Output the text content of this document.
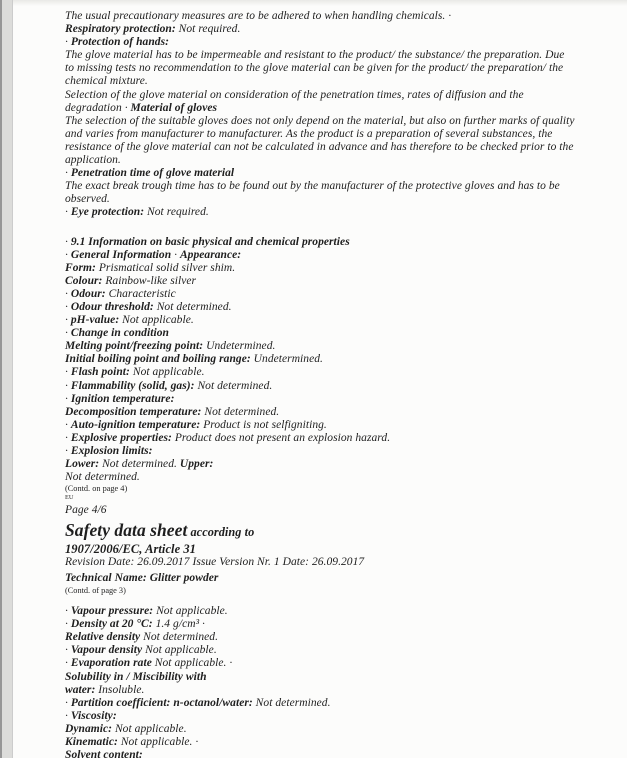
The usual precautionary measures are to be adhered to when handling chemicals. ·
Respiratory protection: Not required.
· Protection of hands:
The glove material has to be impermeable and resistant to the product/ the substance/ the preparation. Due
to missing tests no recommendation to the glove material can be given for the product/ the preparation/ the
chemical mixture.
Selection of the glove material on consideration of the penetration times, rates of diffusion and the
degradation · Material of gloves
The selection of the suitable gloves does not only depend on the material, but also on further marks of quality
and varies from manufacturer to manufacturer. As the product is a preparation of several substances, the
resistance of the glove material can not be calculated in advance and has therefore to be checked prior to the
application.
· Penetration time of glove material
The exact break trough time has to be found out by the manufacturer of the protective gloves and has to be
observed.
· Eye protection: Not required.
· 9.1 Information on basic physical and chemical properties
· General Information · Appearance:
Form: Prismatical solid silver shim.
Colour: Rainbow-like silver
· Odour: Characteristic
· Odour threshold: Not determined.
· pH-value: Not applicable.
· Change in condition
Melting point/freezing point: Undetermined.
Initial boiling point and boiling range: Undetermined.
· Flash point: Not applicable.
· Flammability (solid, gas): Not determined.
· Ignition temperature:
Decomposition temperature: Not determined.
· Auto-ignition temperature: Product is not selfigniting.
· Explosive properties: Product does not present an explosion hazard.
· Explosion limits:
Lower: Not determined. Upper:
Not determined.
(Contd. on page 4)
EU
Page 4/6
Safety data sheet according to
1907/2006/EC, Article 31
Revision Date: 26.09.2017 Issue Version Nr. 1 Date: 26.09.2017
Technical Name: Glitter powder
(Contd. of page 3)
· Vapour pressure: Not applicable.
· Density at 20 °C: 1.4 g/cm³ ·
Relative density Not determined.
· Vapour density Not applicable.
· Evaporation rate Not applicable. ·
Solubility in / Miscibility with
water: Insoluble.
· Partition coefficient: n-octanol/water: Not determined.
· Viscosity:
Dynamic: Not applicable.
Kinematic: Not applicable. ·
Solvent content:
